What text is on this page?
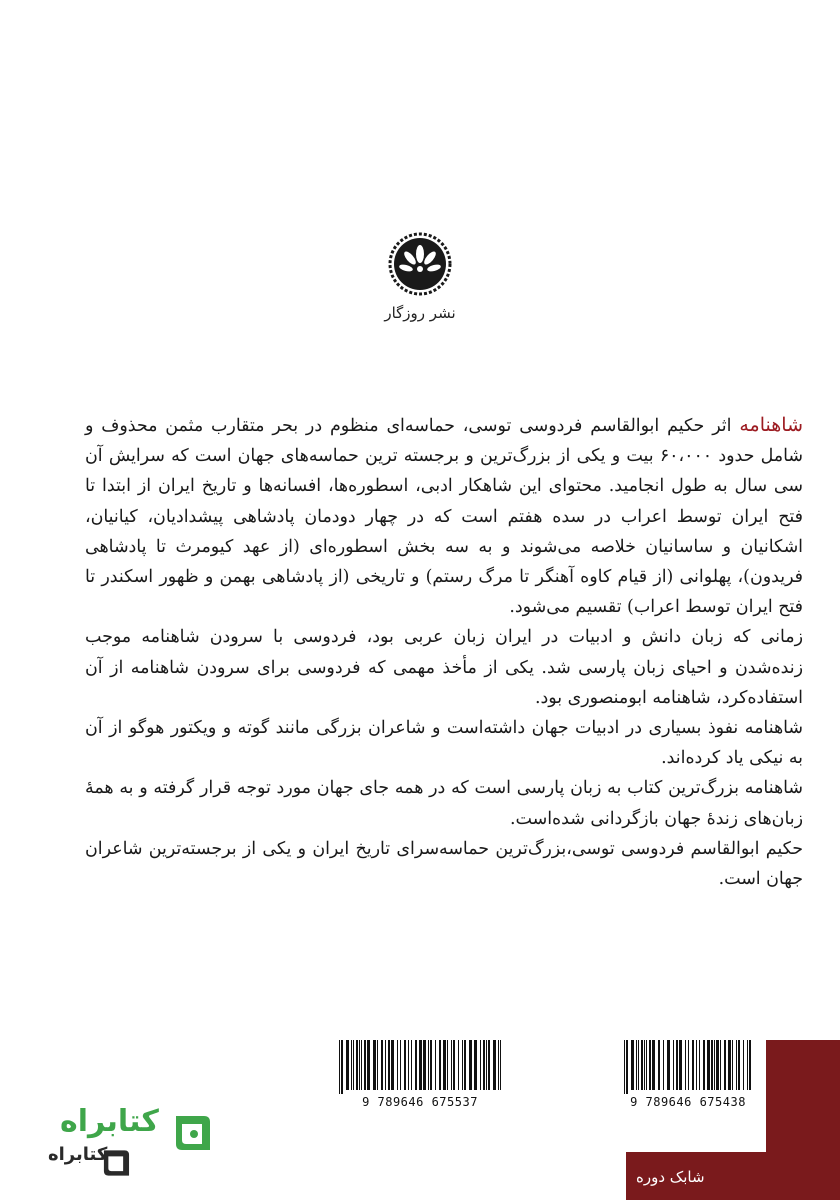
نشر روزگار

شاهنامه اثر حکیم ابوالقاسم فردوسی توسی، حماسه‌ای منظوم در بحر متقارب مثمن محذوف و شامل حدود ۶۰،۰۰۰ بیت و یکی از بزرگ‌ترین و برجسته ترین حماسه‌های جهان است که سرایش آن سی سال به طول انجامید. محتوای این شاهکار ادبی، اسطوره‌ها، افسانه‌ها و تاریخ ایران از ابتدا تا فتح ایران توسط اعراب در سده هفتم است که در چهار دودمان پادشاهی پیشدادیان، کیانیان، اشکانیان و ساسانیان خلاصه می‌شوند و به سه بخش اسطوره‌ای (از عهد کیومرث تا پادشاهی فریدون)، پهلوانی (از قیام کاوه آهنگر تا مرگ رستم) و تاریخی (از پادشاهی بهمن و ظهور اسکندر تا فتح ایران توسط اعراب) تقسیم می‌شود.

زمانی که زبان دانش و ادبیات در ایران زبان عربی بود، فردوسی با سرودن شاهنامه موجب زنده‌شدن و احیای زبان پارسی شد. یکی از مأخذ مهمی که فردوسی برای سرودن شاهنامه از آن استفاده‌کرد، شاهنامه ابومنصوری بود.

شاهنامه نفوذ بسیاری در ادبیات جهان داشته‌است و شاعران بزرگی مانند گوته و ویکتور هوگو از آن به نیکی یاد کرده‌اند.

شاهنامه بزرگ‌ترین کتاب به زبان پارسی است که در همه جای جهان مورد توجه قرار گرفته و به همهٔ زبان‌های زندهٔ جهان بازگردانی شده‌است.

حکیم ابوالقاسم فردوسی توسی،بزرگ‌ترین حماسه‌سرای تاریخ ایران و یکی از برجسته‌ترین شاعران جهان است.

شابک دوره
9 789646 675537	9 789646 675438
کتابراه
کتابراه
